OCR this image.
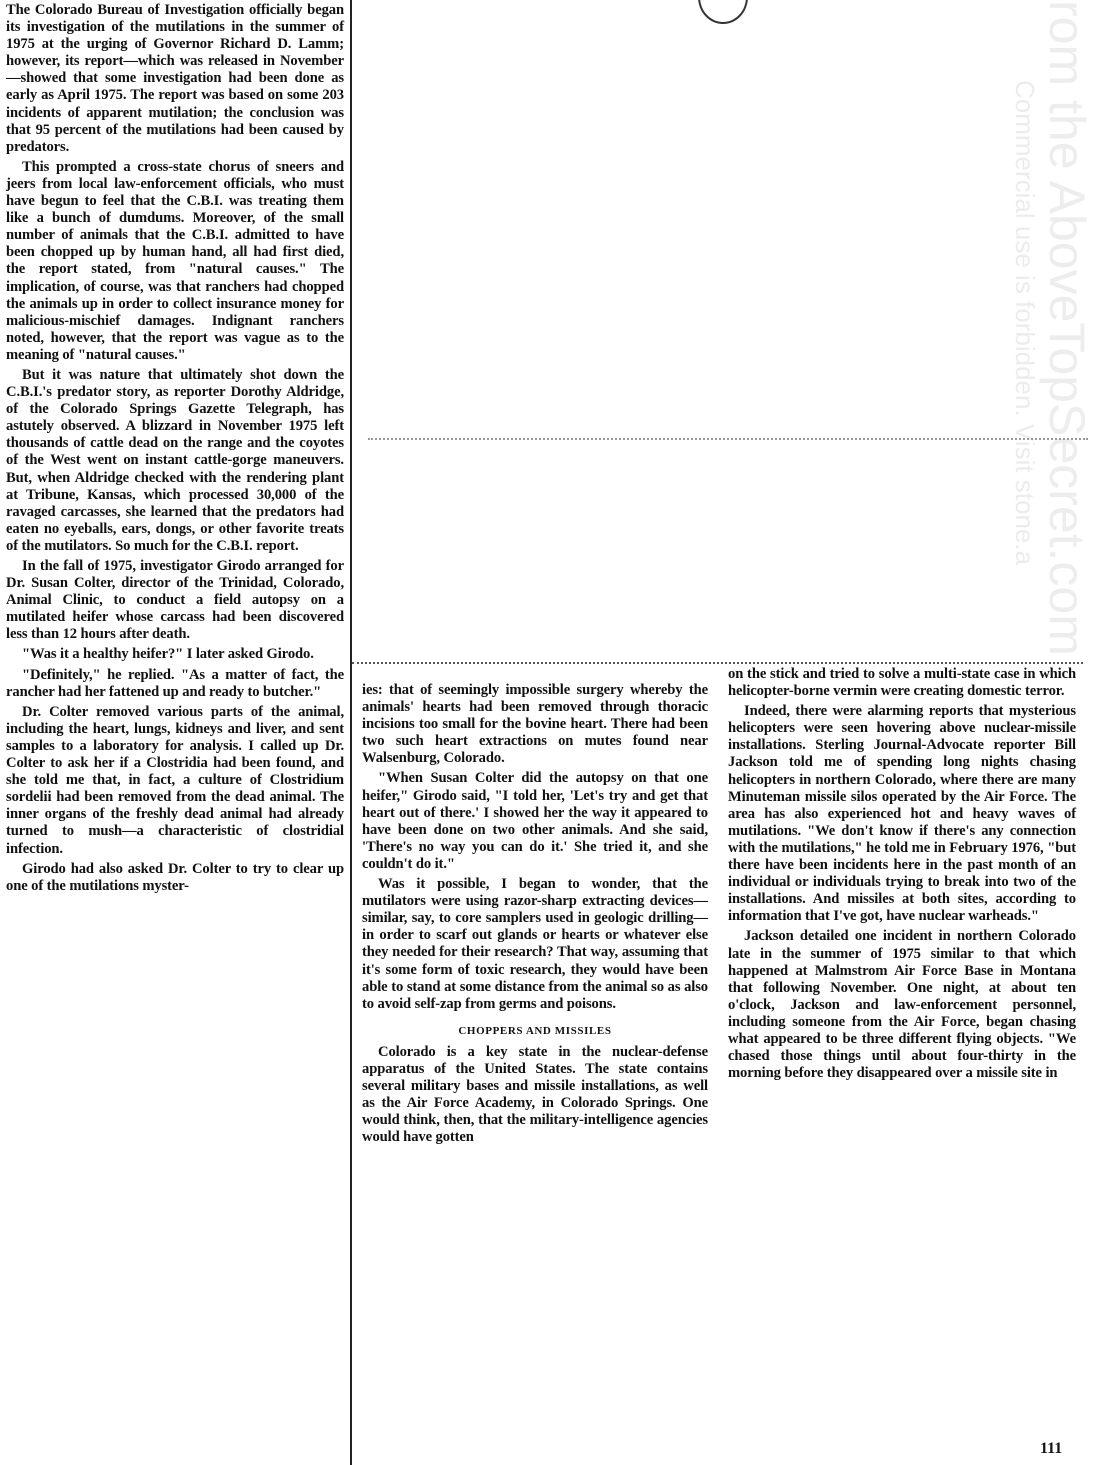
rom the AboveTopSecret.com
Commercial use is forbidden. Visit stone.a

The Colorado Bureau of Investigation officially began its investigation of the mutilations in the summer of 1975 at the urging of Governor Richard D. Lamm; however, its report—which was released in November—showed that some investigation had been done as early as April 1975. The report was based on some 203 incidents of apparent mutilation; the conclusion was that 95 percent of the mutilations had been caused by predators.

This prompted a cross-state chorus of sneers and jeers from local law-enforcement officials, who must have begun to feel that the C.B.I. was treating them like a bunch of dumdums. Moreover, of the small number of animals that the C.B.I. admitted to have been chopped up by human hand, all had first died, the report stated, from "natural causes." The implication, of course, was that ranchers had chopped the animals up in order to collect insurance money for malicious-mischief damages. Indignant ranchers noted, however, that the report was vague as to the meaning of "natural causes."

But it was nature that ultimately shot down the C.B.I.'s predator story, as reporter Dorothy Aldridge, of the Colorado Springs Gazette Telegraph, has astutely observed. A blizzard in November 1975 left thousands of cattle dead on the range and the coyotes of the West went on instant cattle-gorge maneuvers. But, when Aldridge checked with the rendering plant at Tribune, Kansas, which processed 30,000 of the ravaged carcasses, she learned that the predators had eaten no eyeballs, ears, dongs, or other favorite treats of the mutilators. So much for the C.B.I. report.

In the fall of 1975, investigator Girodo arranged for Dr. Susan Colter, director of the Trinidad, Colorado, Animal Clinic, to conduct a field autopsy on a mutilated heifer whose carcass had been discovered less than 12 hours after death.

"Was it a healthy heifer?" I later asked Girodo.

"Definitely," he replied. "As a matter of fact, the rancher had her fattened up and ready to butcher."

Dr. Colter removed various parts of the animal, including the heart, lungs, kidneys and liver, and sent samples to a laboratory for analysis. I called up Dr. Colter to ask her if a Clostridia had been found, and she told me that, in fact, a culture of Clostridium sordelii had been removed from the dead animal. The inner organs of the freshly dead animal had already turned to mush—a characteristic of clostridial infection.

Girodo had also asked Dr. Colter to try to clear up one of the mutilations myster-

ies: that of seemingly impossible surgery whereby the animals' hearts had been removed through thoracic incisions too small for the bovine heart. There had been two such heart extractions on mutes found near Walsenburg, Colorado.

"When Susan Colter did the autopsy on that one heifer," Girodo said, "I told her, 'Let's try and get that heart out of there.' I showed her the way it appeared to have been done on two other animals. And she said, 'There's no way you can do it.' She tried it, and she couldn't do it."

Was it possible, I began to wonder, that the mutilators were using razor-sharp extracting devices—similar, say, to core samplers used in geologic drilling—in order to scarf out glands or hearts or whatever else they needed for their research? That way, assuming that it's some form of toxic research, they would have been able to stand at some distance from the animal so as also to avoid self-zap from germs and poisons.

CHOPPERS AND MISSILES

Colorado is a key state in the nuclear-defense apparatus of the United States. The state contains several military bases and missile installations, as well as the Air Force Academy, in Colorado Springs. One would think, then, that the military-intelligence agencies would have gotten

on the stick and tried to solve a multi-state case in which helicopter-borne vermin were creating domestic terror.

Indeed, there were alarming reports that mysterious helicopters were seen hovering above nuclear-missile installations. Sterling Journal-Advocate reporter Bill Jackson told me of spending long nights chasing helicopters in northern Colorado, where there are many Minuteman missile silos operated by the Air Force. The area has also experienced hot and heavy waves of mutilations. "We don't know if there's any connection with the mutilations," he told me in February 1976, "but there have been incidents here in the past month of an individual or individuals trying to break into two of the installations. And missiles at both sites, according to information that I've got, have nuclear warheads."

Jackson detailed one incident in northern Colorado late in the summer of 1975 similar to that which happened at Malmstrom Air Force Base in Montana that following November. One night, at about ten o'clock, Jackson and law-enforcement personnel, including someone from the Air Force, began chasing what appeared to be three different flying objects. "We chased those things until about four-thirty in the morning before they disappeared over a missile site in

111
